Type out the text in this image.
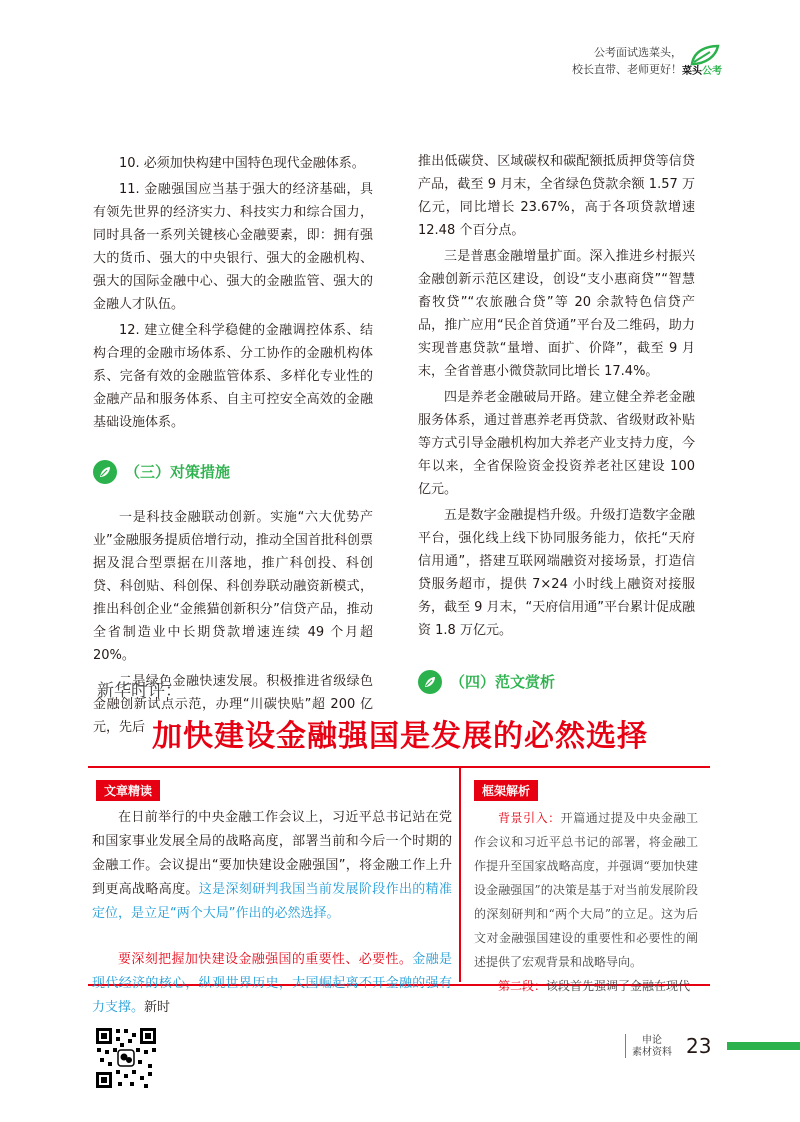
公考面试选菜头，
校长直带、老师更好！ 菜头公考

10. 必须加快构建中国特色现代金融体系。

11. 金融强国应当基于强大的经济基础，具有领先世界的经济实力、科技实力和综合国力，同时具备一系列关键核心金融要素，即：拥有强大的货币、强大的中央银行、强大的金融机构、强大的国际金融中心、强大的金融监管、强大的金融人才队伍。

12. 建立健全科学稳健的金融调控体系、结构合理的金融市场体系、分工协作的金融机构体系、完备有效的金融监管体系、多样化专业性的金融产品和服务体系、自主可控安全高效的金融基础设施体系。

（三）对策措施

一是科技金融联动创新。实施“六大优势产业”金融服务提质倍增行动，推动全国首批科创票据及混合型票据在川落地，推广科创投、科创贷、科创贴、科创保、科创券联动融资新模式，推出科创企业“金熊猫创新积分”信贷产品，推动全省制造业中长期贷款增速连续 49 个月超 20%。

二是绿色金融快速发展。积极推进省级绿色金融创新试点示范，办理“川碳快贴”超 200 亿元，先后

推出低碳贷、区域碳权和碳配额抵质押贷等信贷产品，截至 9 月末，全省绿色贷款余额 1.57 万亿元，同比增长 23.67%，高于各项贷款增速 12.48 个百分点。

三是普惠金融增量扩面。深入推进乡村振兴金融创新示范区建设，创设“支小惠商贷”“智慧畜牧贷”“农旅融合贷”等 20 余款特色信贷产品，推广应用“民企首贷通”平台及二维码，助力实现普惠贷款“量增、面扩、价降”，截至 9 月末，全省普惠小微贷款同比增长 17.4%。

四是养老金融破局开路。建立健全养老金融服务体系，通过普惠养老再贷款、省级财政补贴等方式引导金融机构加大养老产业支持力度，今年以来，全省保险资金投资养老社区建设 100 亿元。

五是数字金融提档升级。升级打造数字金融平台，强化线上线下协同服务能力，依托“天府信用通”，搭建互联网端融资对接场景，打造信贷服务超市，提供 7×24 小时线上融资对接服务，截至 9 月末，“天府信用通”平台累计促成融资 1.8 万亿元。

（四）范文赏析
新华时评：
加快建设金融强国是发展的必然选择
文章精读	框架解析

在日前举行的中央金融工作会议上，习近平总书记站在党和国家事业发展全局的战略高度，部署当前和今后一个时期的金融工作。会议提出“要加快建设金融强国”，将金融工作上升到更高战略高度。这是深刻研判我国当前发展阶段作出的精准定位，是立足“两个大局”作出的必然选择。

要深刻把握加快建设金融强国的重要性、必要性。金融是现代经济的核心，纵观世界历史，大国崛起离不开金融的强有力支撑。新时

背景引入：开篇通过提及中央金融工作会议和习近平总书记的部署，将金融工作提升至国家战略高度，并强调“要加快建设金融强国”的决策是基于对当前发展阶段的深刻研判和“两个大局”的立足。这为后文对金融强国建设的重要性和必要性的阐述提供了宏观背景和战略导向。

第二段：该段首先强调了金融在现代

申论
素材资料 23
